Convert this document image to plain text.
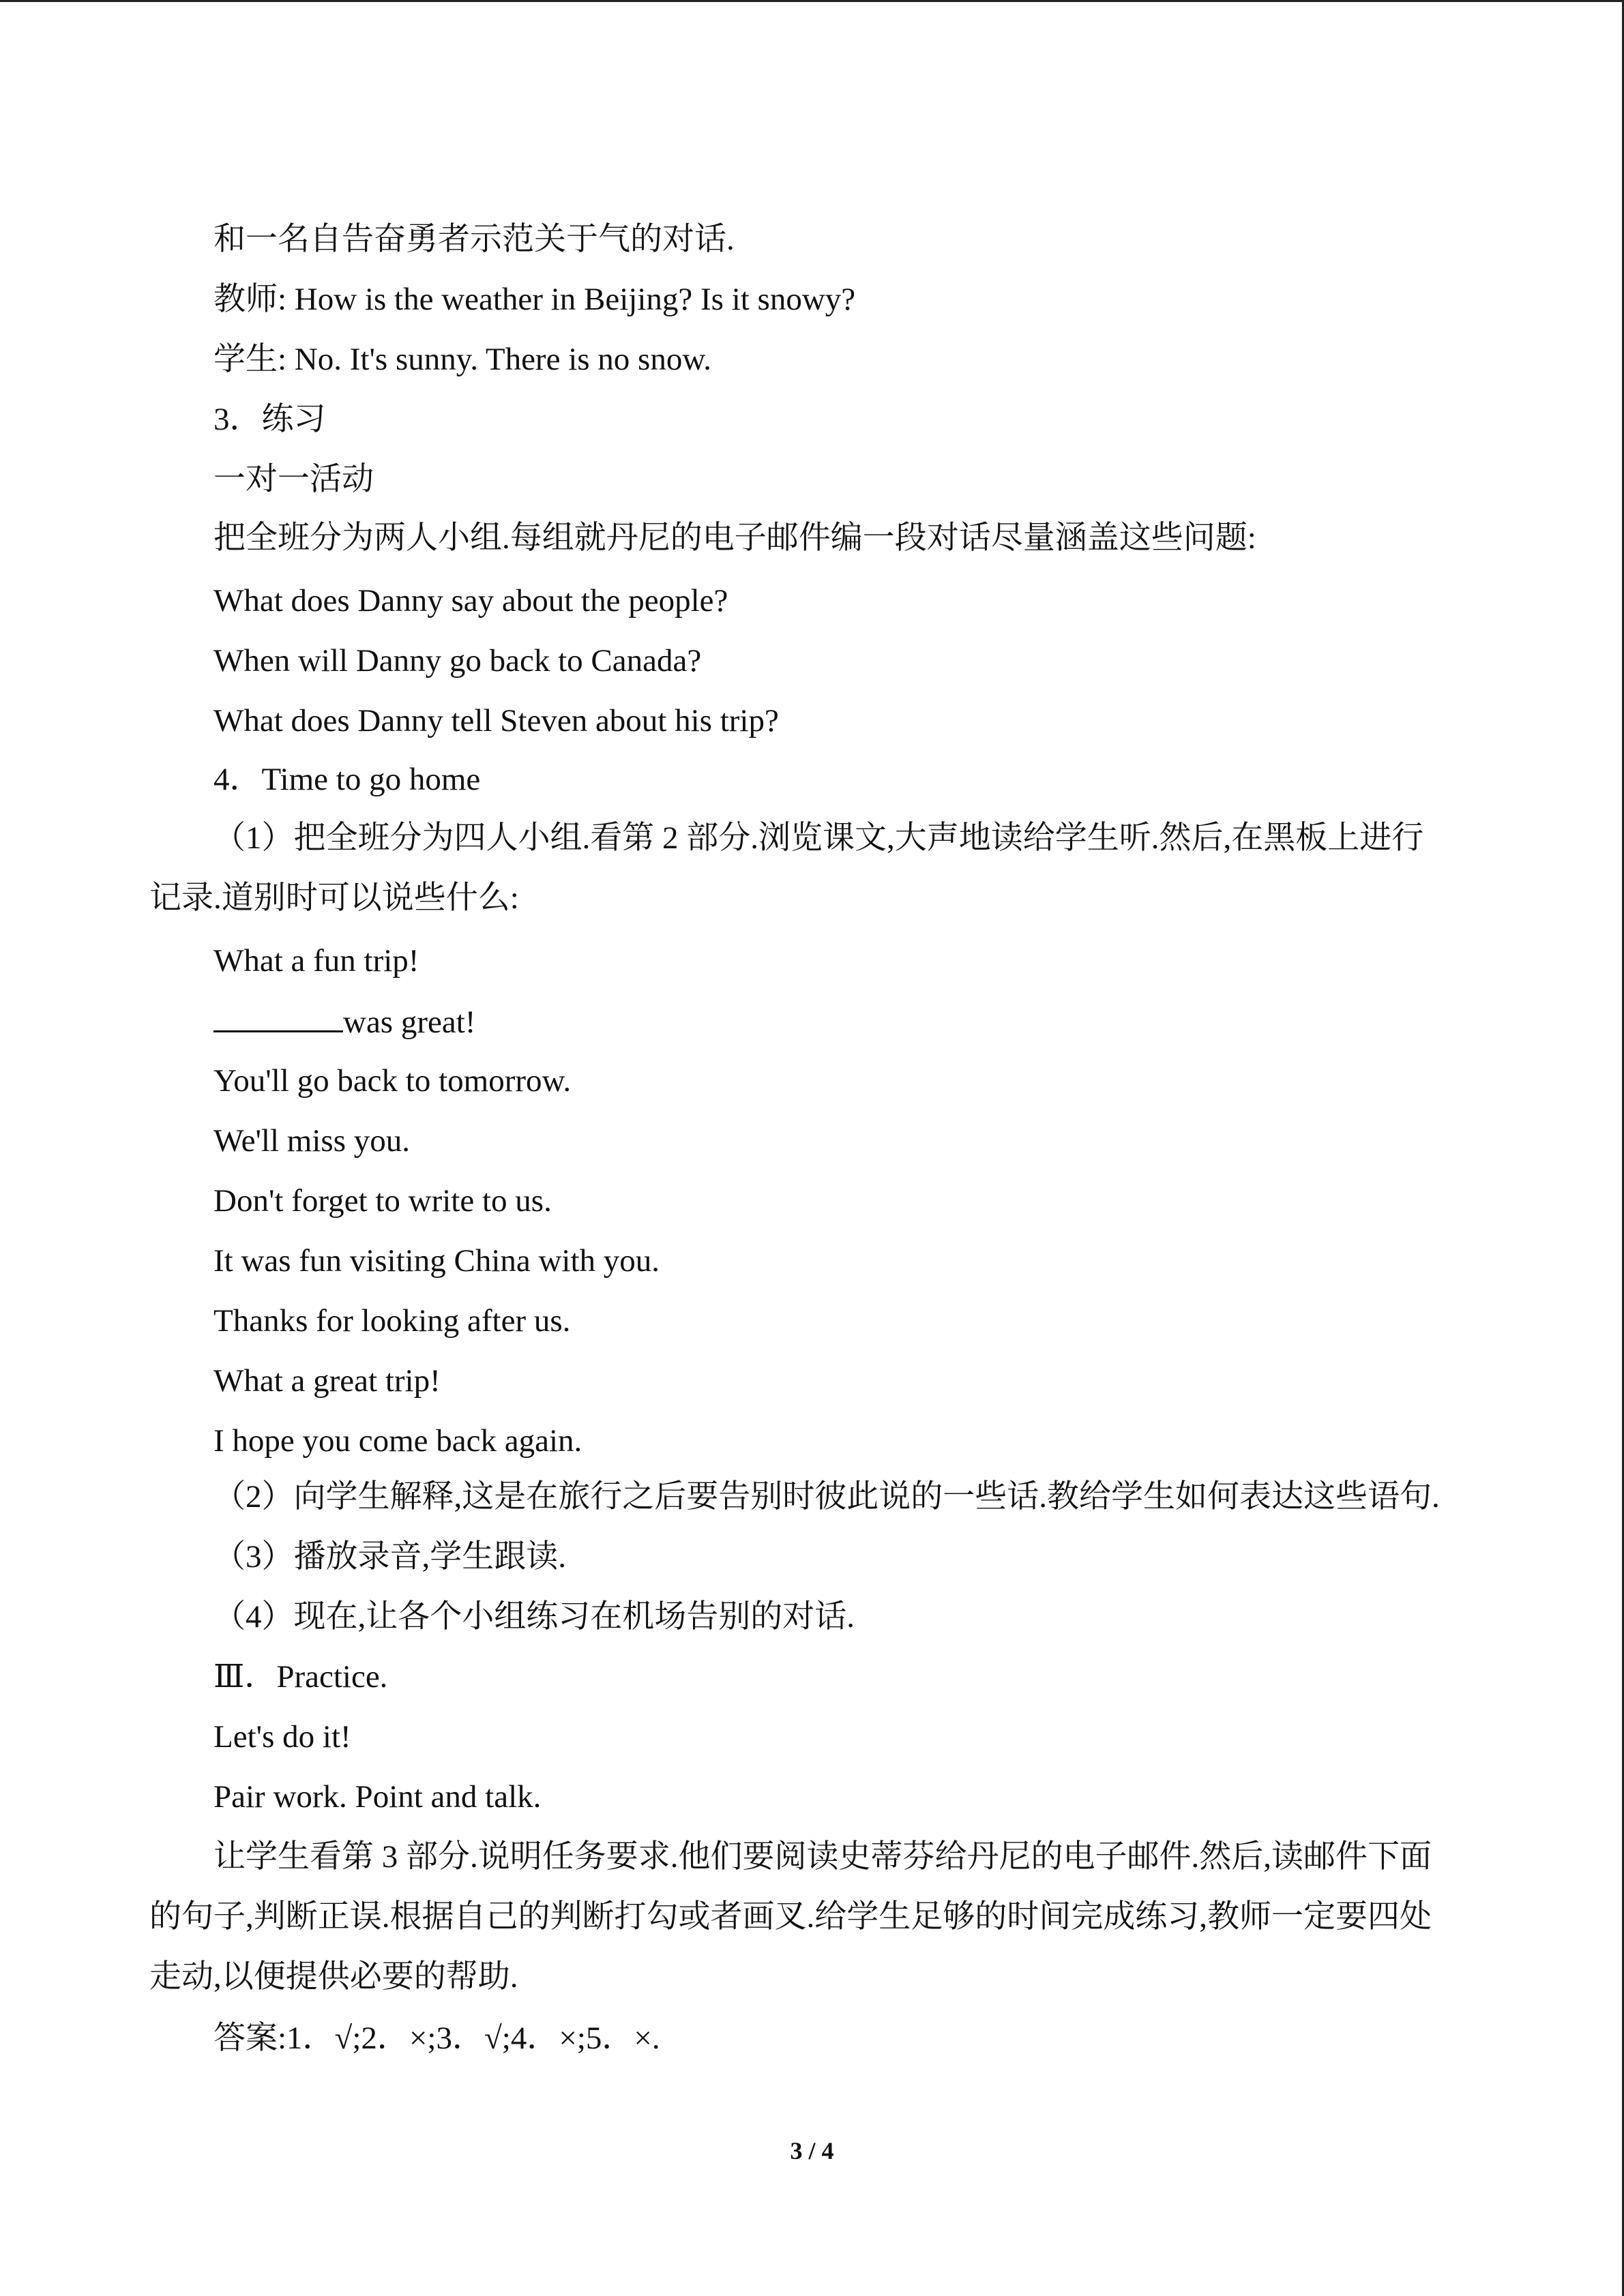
和一名自告奋勇者示范关于气的对话.
教师: How is the weather in Beijing? Is it snowy?
学生: No. It's sunny. There is no snow.
3．练习
一对一活动
把全班分为两人小组.每组就丹尼的电子邮件编一段对话尽量涵盖这些问题:
What does Danny say about the people?
When will Danny go back to Canada?
What does Danny tell Steven about his trip?
4．Time to go home
（1）把全班分为四人小组.看第 2 部分.浏览课文,大声地读给学生听.然后,在黑板上进行
记录.道别时可以说些什么:
What a fun trip!
was great!
You'll go back to tomorrow.
We'll miss you.
Don't forget to write to us.
It was fun visiting China with you.
Thanks for looking after us.
What a great trip!
I hope you come back again.
（2）向学生解释,这是在旅行之后要告别时彼此说的一些话.教给学生如何表达这些语句.
（3）播放录音,学生跟读.
（4）现在,让各个小组练习在机场告别的对话.
Ⅲ．Practice.
Let's do it!
Pair work. Point and talk.
让学生看第 3 部分.说明任务要求.他们要阅读史蒂芬给丹尼的电子邮件.然后,读邮件下面
的句子,判断正误.根据自己的判断打勾或者画叉.给学生足够的时间完成练习,教师一定要四处
走动,以便提供必要的帮助.
答案:1．√;2．×;3．√;4．×;5．×.
3 / 4
